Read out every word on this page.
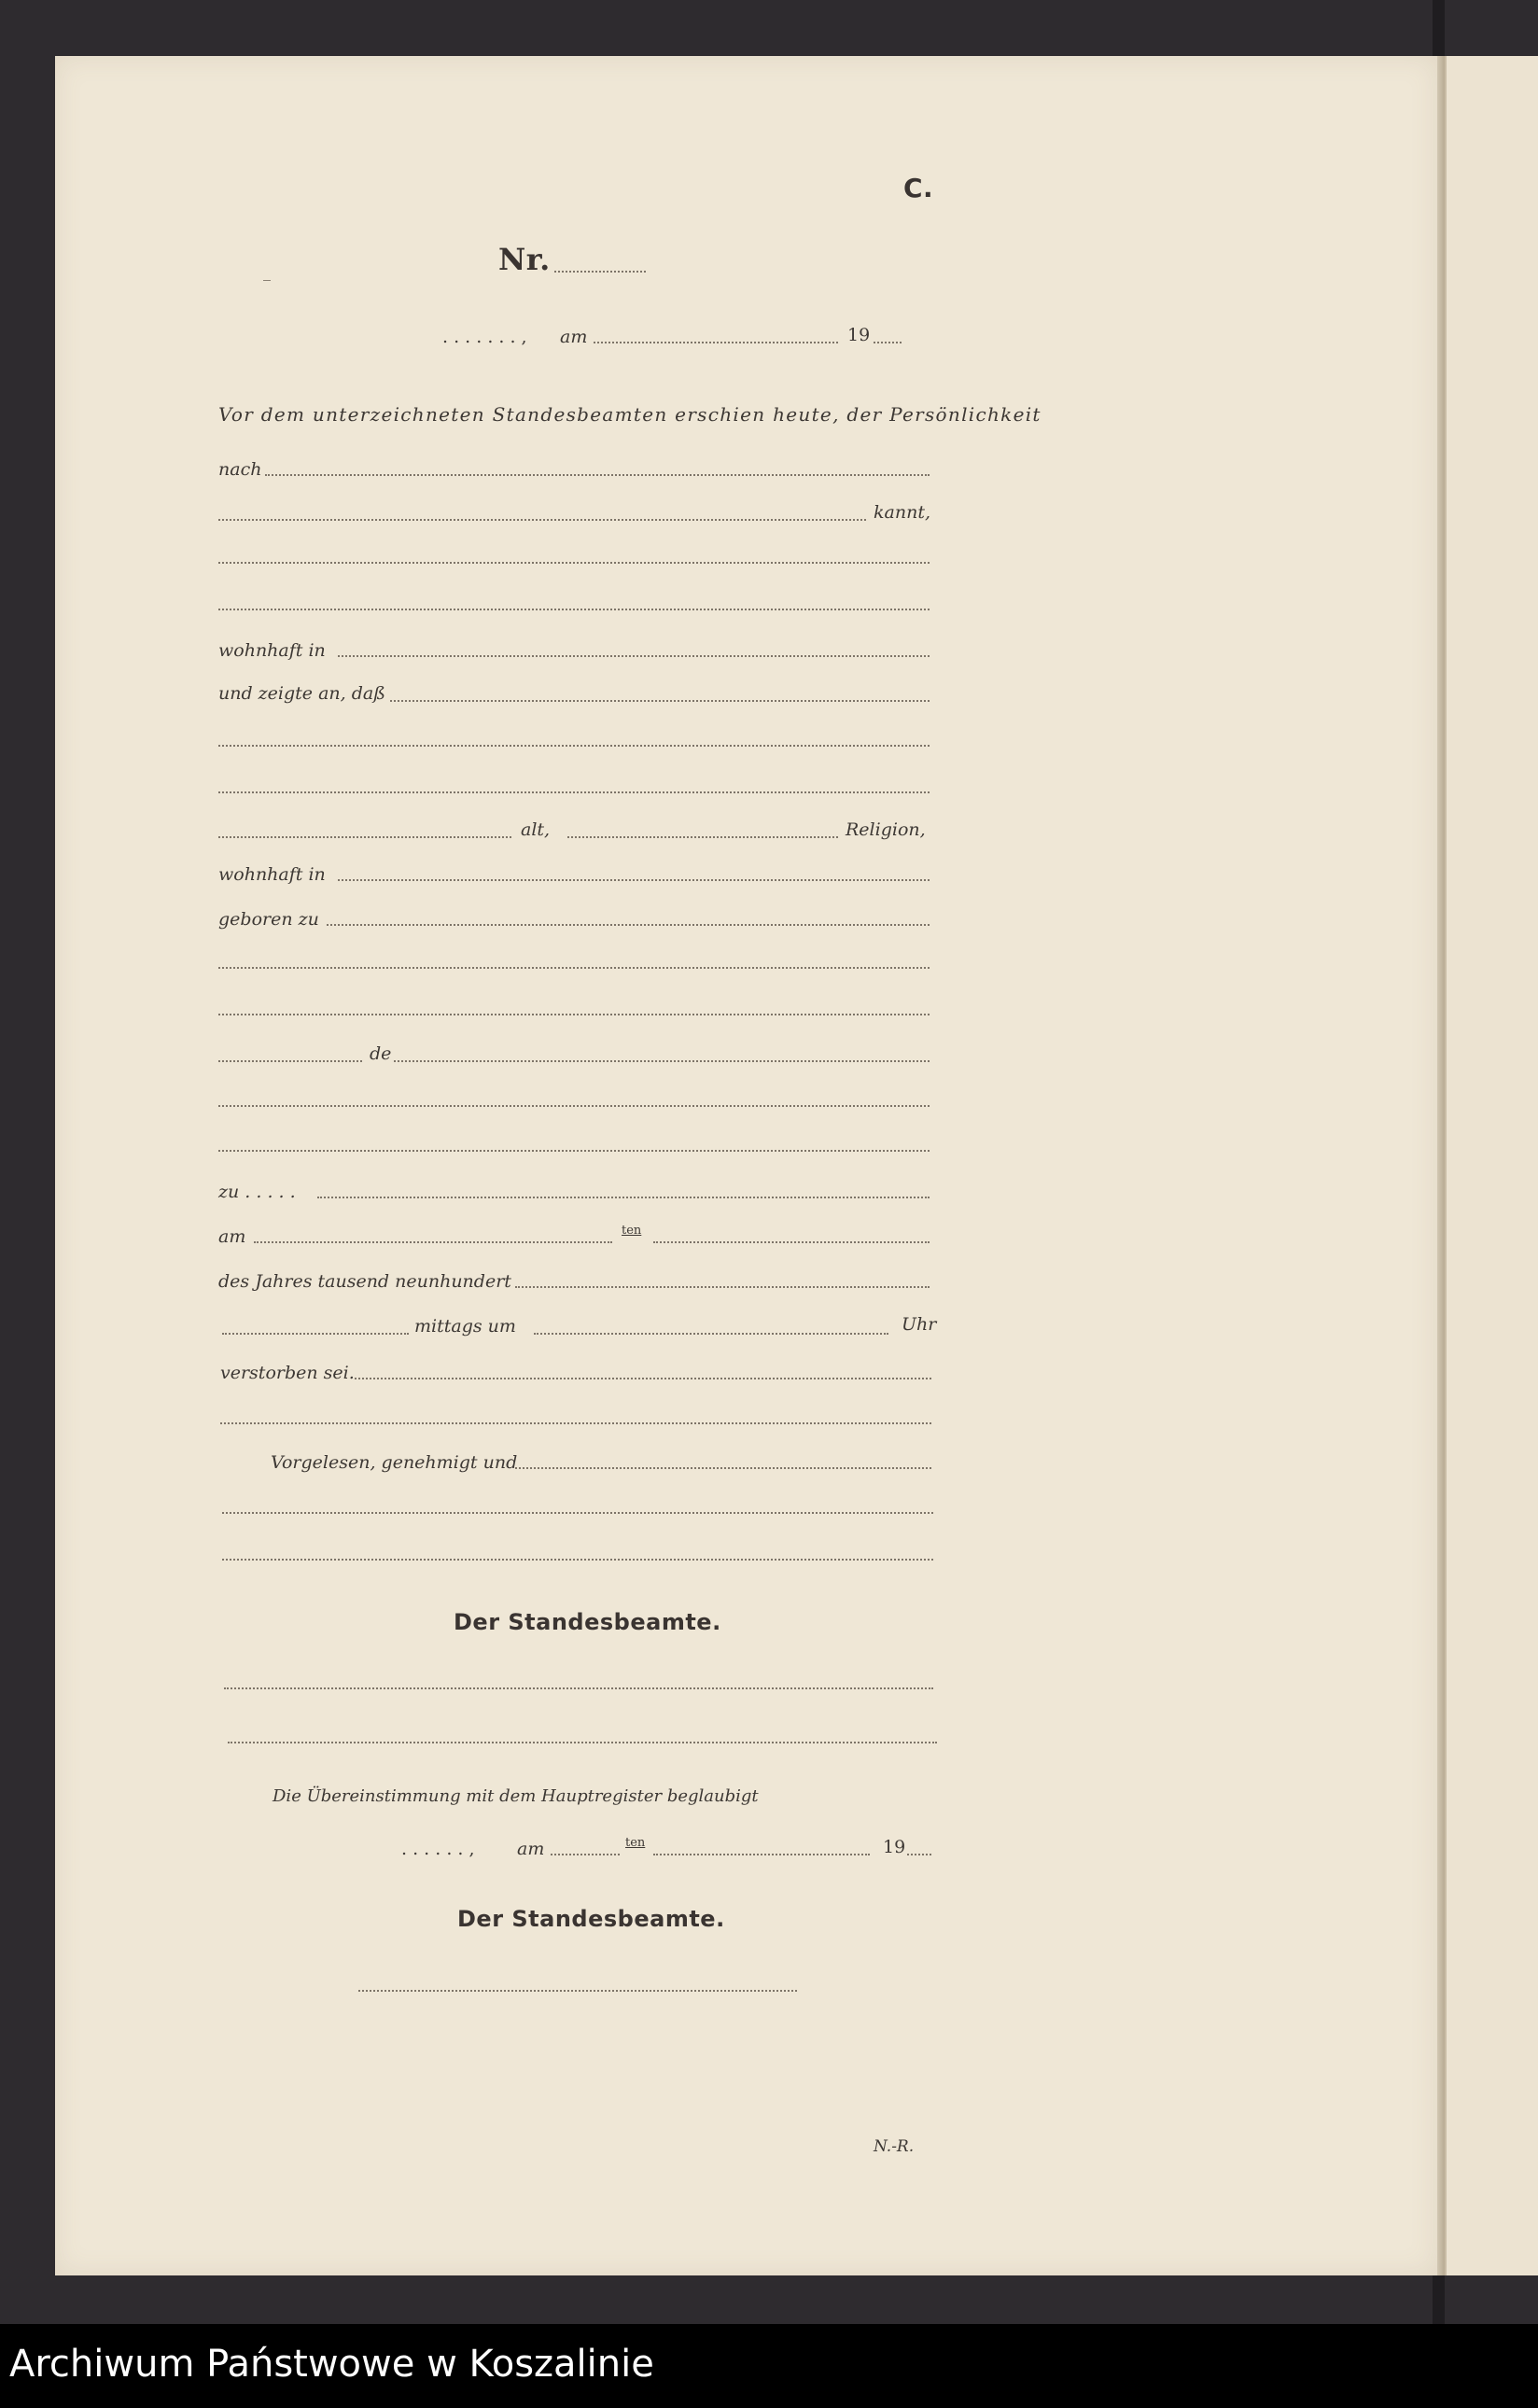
C.
Nr.
. . . . . . . , am	19
Vor dem unterzeichneten Standesbeamten erschien heute, der Persönlichkeit
nach
kannt,
wohnhaft in
und zeigte an, daß
alt,	Religion,
wohnhaft in
geboren zu
de
zu . . . . .
am	ten
des Jahres tausend neunhundert
mittags um	Uhr
verstorben sei.
Vorgelesen, genehmigt und
Der Standesbeamte.
Die Übereinstimmung mit dem Hauptregister beglaubigt
. . . . . . , am	ten	19
Der Standesbeamte.
N.-R.
Archiwum Państwowe w Koszalinie
